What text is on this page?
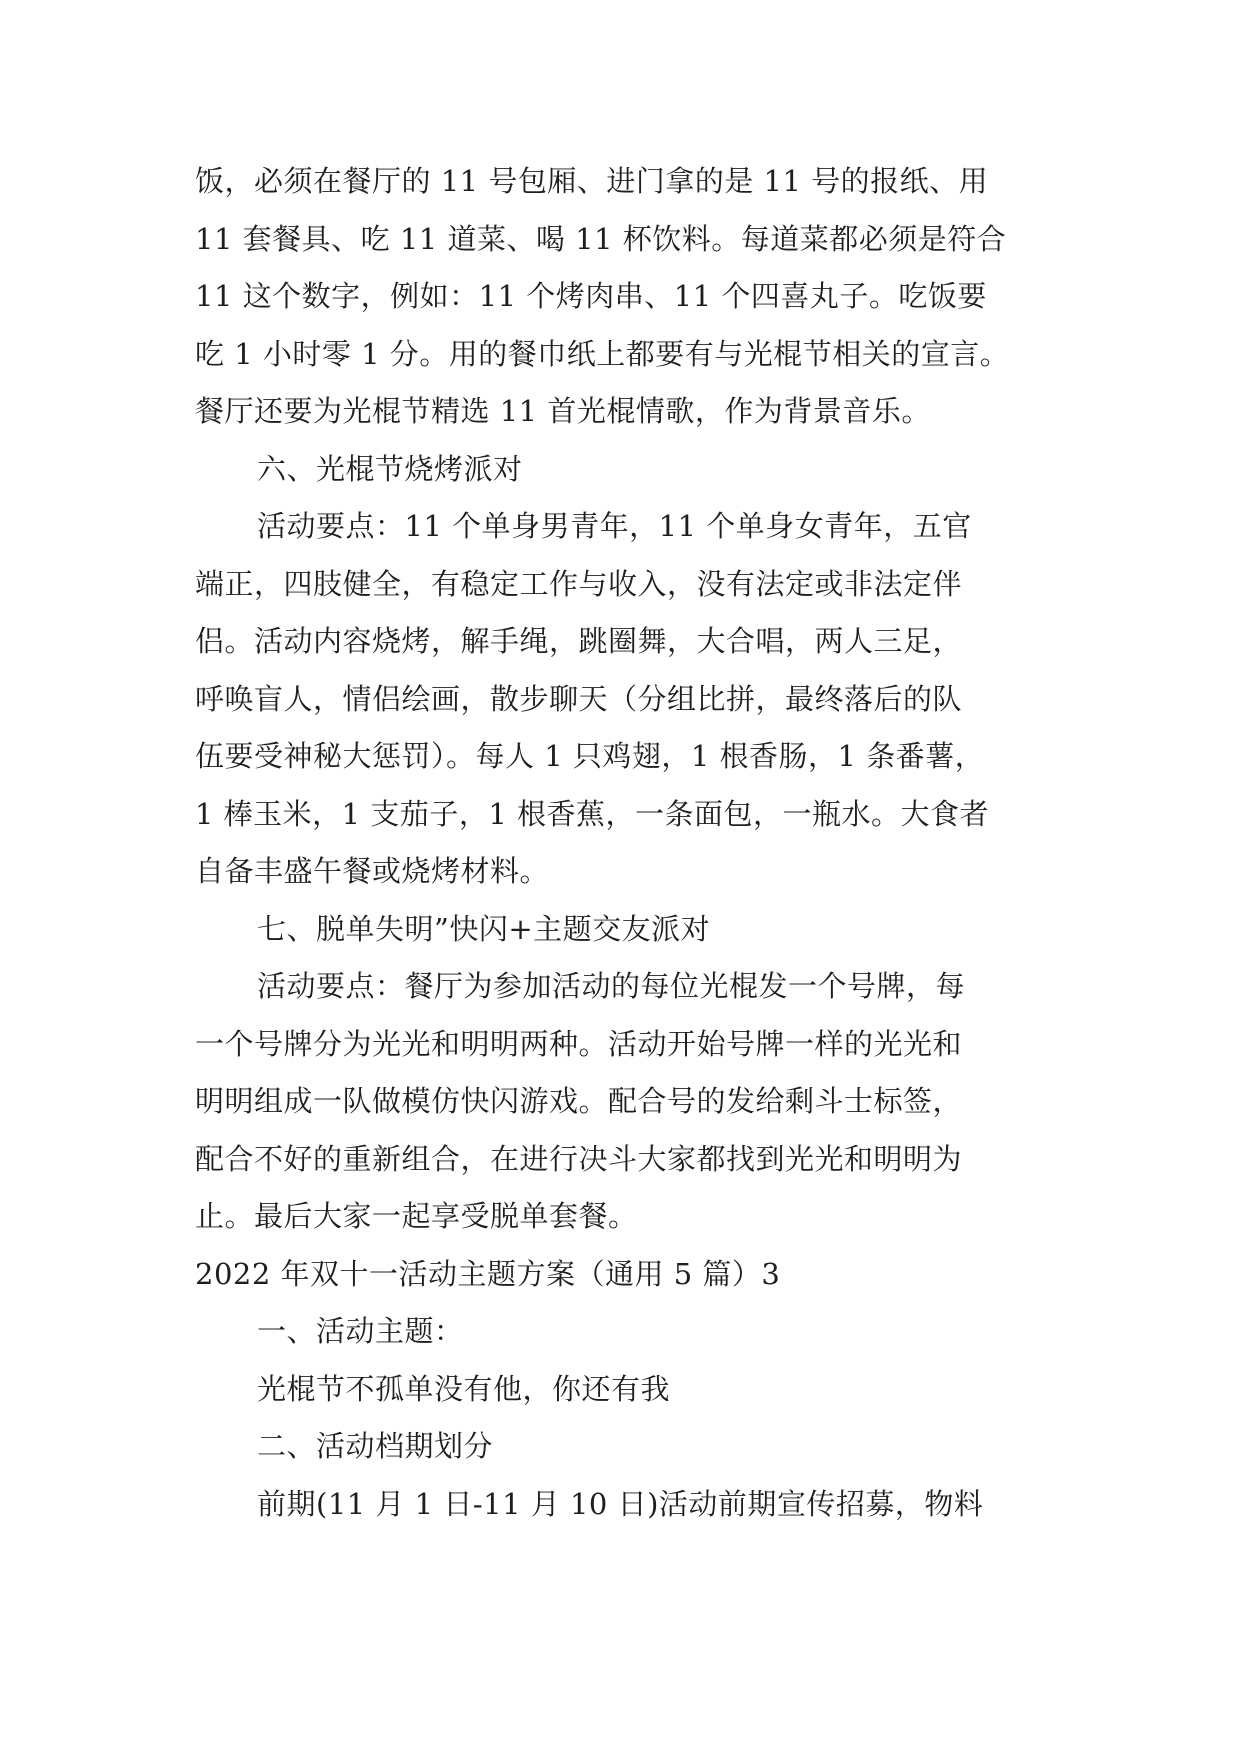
饭，必须在餐厅的 11 号包厢、进门拿的是 11 号的报纸、用
11 套餐具、吃 11 道菜、喝 11 杯饮料。每道菜都必须是符合
11 这个数字，例如：11 个烤肉串、11 个四喜丸子。吃饭要
吃 1 小时零 1 分。用的餐巾纸上都要有与光棍节相关的宣言。
餐厅还要为光棍节精选 11 首光棍情歌，作为背景音乐。
六、光棍节烧烤派对
活动要点：11 个单身男青年，11 个单身女青年，五官
端正，四肢健全，有稳定工作与收入，没有法定或非法定伴
侣。活动内容烧烤，解手绳，跳圈舞，大合唱，两人三足，
呼唤盲人，情侣绘画，散步聊天（分组比拼，最终落后的队
伍要受神秘大惩罚）。每人 1 只鸡翅，1 根香肠，1 条番薯，
1 棒玉米，1 支茄子，1 根香蕉，一条面包，一瓶水。大食者
自备丰盛午餐或烧烤材料。
七、脱单失明”快闪+主题交友派对
活动要点：餐厅为参加活动的每位光棍发一个号牌，每
一个号牌分为光光和明明两种。活动开始号牌一样的光光和
明明组成一队做模仿快闪游戏。配合号的发给剩斗士标签，
配合不好的重新组合，在进行决斗大家都找到光光和明明为
止。最后大家一起享受脱单套餐。
2022 年双十一活动主题方案（通用 5 篇）3
一、活动主题：
光棍节不孤单没有他，你还有我
二、活动档期划分
前期(11 月 1 日-11 月 10 日)活动前期宣传招募，物料
